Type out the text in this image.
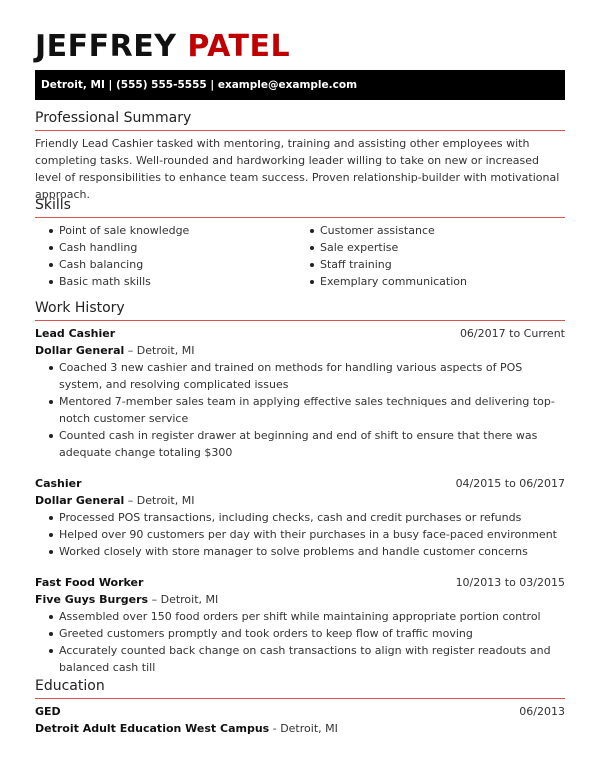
JEFFREY PATEL
Detroit, MI | (555) 555-5555 | example@example.com
Professional Summary
Friendly Lead Cashier tasked with mentoring, training and assisting other employees with completing tasks. Well-rounded and hardworking leader willing to take on new or increased level of responsibilities to enhance team success. Proven relationship-builder with motivational approach.
Skills
Point of sale knowledge
Cash handling
Cash balancing
Basic math skills
Customer assistance
Sale expertise
Staff training
Exemplary communication
Work History
Lead Cashier	06/2017 to Current
Dollar General – Detroit, MI
Coached 3 new cashier and trained on methods for handling various aspects of POS system, and resolving complicated issues
Mentored 7-member sales team in applying effective sales techniques and delivering top-notch customer service
Counted cash in register drawer at beginning and end of shift to ensure that there was adequate change totaling $300
Cashier	04/2015 to 06/2017
Dollar General – Detroit, MI
Processed POS transactions, including checks, cash and credit purchases or refunds
Helped over 90 customers per day with their purchases in a busy face-paced environment
Worked closely with store manager to solve problems and handle customer concerns
Fast Food Worker	10/2013 to 03/2015
Five Guys Burgers – Detroit, MI
Assembled over 150 food orders per shift while maintaining appropriate portion control
Greeted customers promptly and took orders to keep flow of traffic moving
Accurately counted back change on cash transactions to align with register readouts and balanced cash till
Education
GED	06/2013
Detroit Adult Education West Campus - Detroit, MI
